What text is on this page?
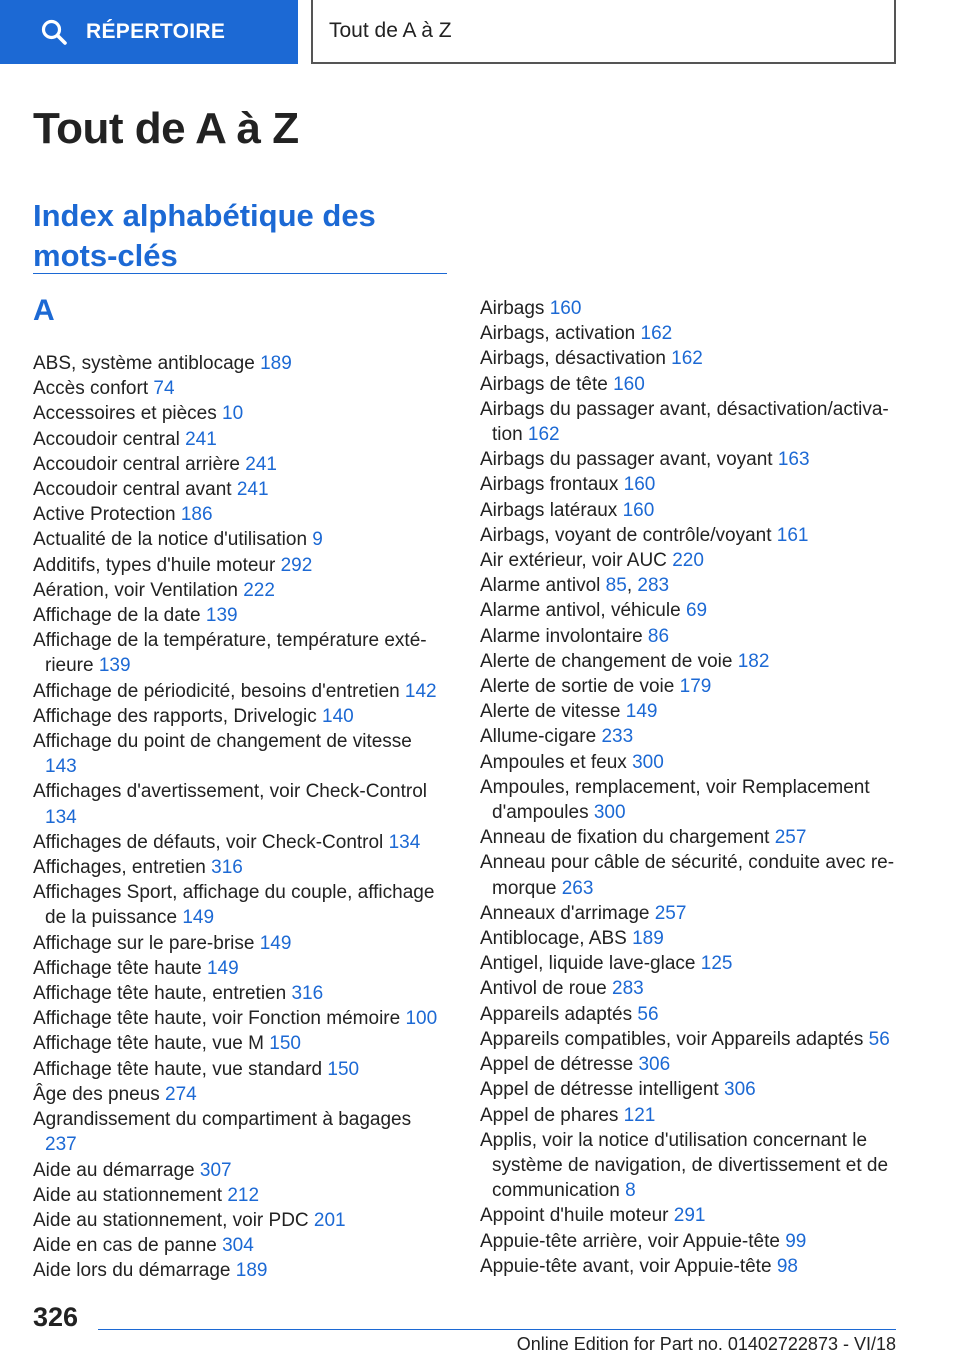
RÉPERTOIRE	Tout de A à Z
Tout de A à Z
Index alphabétique des mots-clés
A
ABS, système antiblocage 189
Accès confort 74
Accessoires et pièces 10
Accoudoir central 241
Accoudoir central arrière 241
Accoudoir central avant 241
Active Protection 186
Actualité de la notice d'utilisation 9
Additifs, types d'huile moteur 292
Aération, voir Ventilation 222
Affichage de la date 139
Affichage de la température, température extérieure 139
Affichage de périodicité, besoins d'entretien 142
Affichage des rapports, Drivelogic 140
Affichage du point de changement de vitesse 143
Affichages d'avertissement, voir Check-Control 134
Affichages de défauts, voir Check-Control 134
Affichages, entretien 316
Affichages Sport, affichage du couple, affichage de la puissance 149
Affichage sur le pare-brise 149
Affichage tête haute 149
Affichage tête haute, entretien 316
Affichage tête haute, voir Fonction mémoire 100
Affichage tête haute, vue M 150
Affichage tête haute, vue standard 150
Âge des pneus 274
Agrandissement du compartiment à bagages 237
Aide au démarrage 307
Aide au stationnement 212
Aide au stationnement, voir PDC 201
Aide en cas de panne 304
Aide lors du démarrage 189
Airbags 160
Airbags, activation 162
Airbags, désactivation 162
Airbags de tête 160
Airbags du passager avant, désactivation/activation 162
Airbags du passager avant, voyant 163
Airbags frontaux 160
Airbags latéraux 160
Airbags, voyant de contrôle/voyant 161
Air extérieur, voir AUC 220
Alarme antivol 85, 283
Alarme antivol, véhicule 69
Alarme involontaire 86
Alerte de changement de voie 182
Alerte de sortie de voie 179
Alerte de vitesse 149
Allume-cigare 233
Ampoules et feux 300
Ampoules, remplacement, voir Remplacement d'ampoules 300
Anneau de fixation du chargement 257
Anneau pour câble de sécurité, conduite avec remorque 263
Anneaux d'arrimage 257
Antiblocage, ABS 189
Antigel, liquide lave-glace 125
Antivol de roue 283
Appareils adaptés 56
Appareils compatibles, voir Appareils adaptés 56
Appel de détresse 306
Appel de détresse intelligent 306
Appel de phares 121
Applis, voir la notice d'utilisation concernant le système de navigation, de divertissement et de communication 8
Appoint d'huile moteur 291
Appuie-tête arrière, voir Appuie-tête 99
Appuie-tête avant, voir Appuie-tête 98
326
Online Edition for Part no. 01402722873 - VI/18
